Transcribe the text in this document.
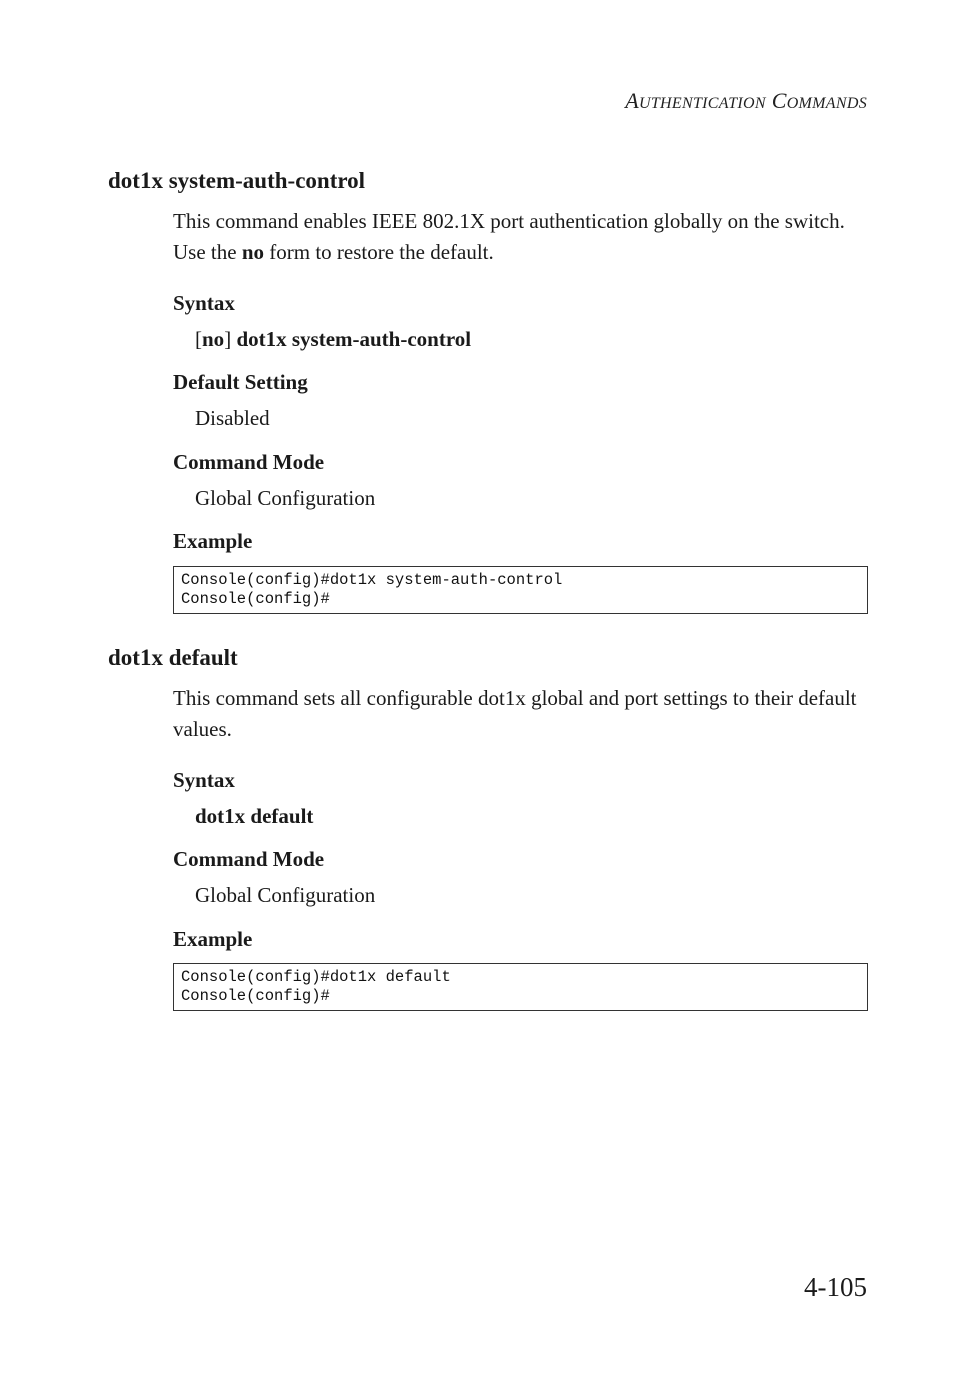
AUTHENTICATION COMMANDS
dot1x system-auth-control
This command enables IEEE 802.1X port authentication globally on the switch. Use the no form to restore the default.
Syntax
[no] dot1x system-auth-control
Default Setting
Disabled
Command Mode
Global Configuration
Example
Console(config)#dot1x system-auth-control
Console(config)#
dot1x default
This command sets all configurable dot1x global and port settings to their default values.
Syntax
dot1x default
Command Mode
Global Configuration
Example
Console(config)#dot1x default
Console(config)#
4-105
